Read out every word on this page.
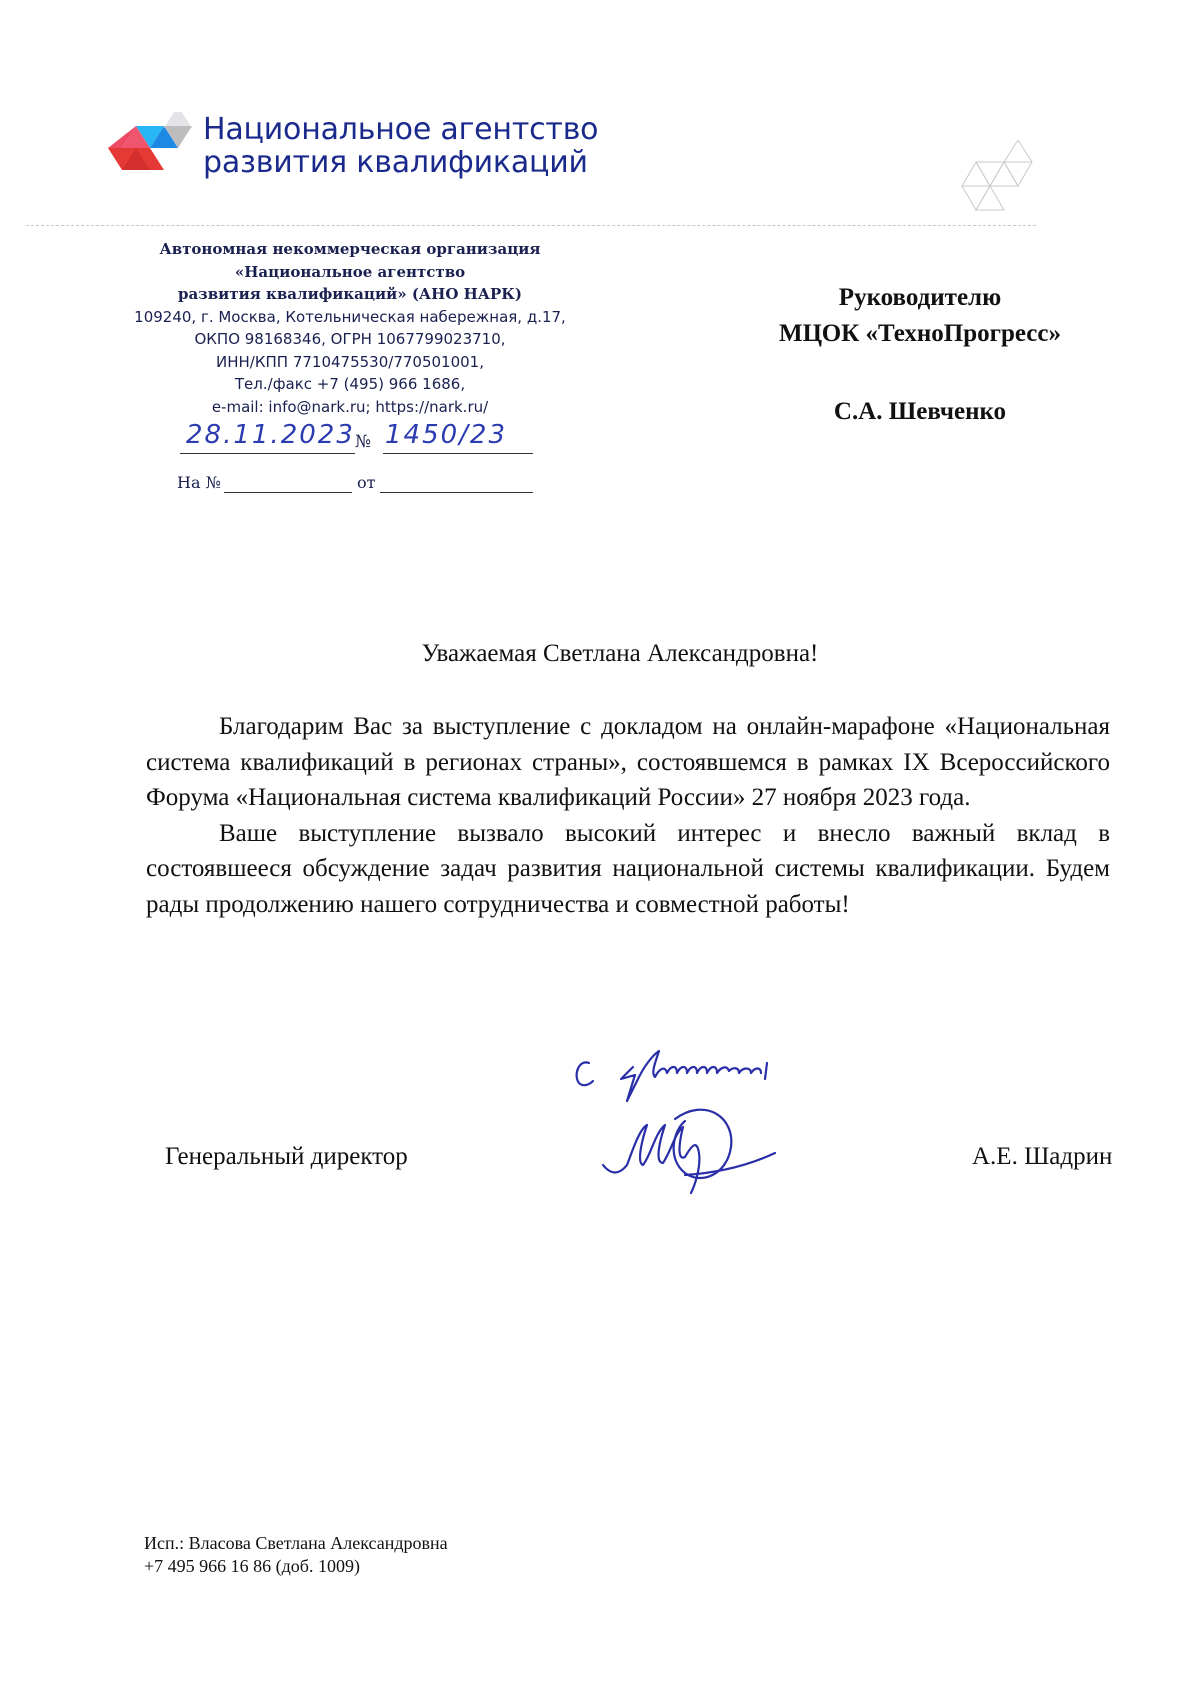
Национальное агентство
развития квалификаций
Автономная некоммерческая организация
«Национальное агентство
развития квалификаций» (АНО НАРК)
109240, г. Москва, Котельническая набережная, д.17,
ОКПО 98168346, ОГРН 1067799023710,
ИНН/КПП 7710475530/770501001,
Тел./факс +7 (495) 966 1686,
e-mail: info@nark.ru; https://nark.ru/
28.11.2023 № 1450/23
На №	от
Руководителю
МЦОК «ТехноПрогресс»
С.А. Шевченко
Уважаемая Светлана Александровна!

Благодарим Вас за выступление с докладом на онлайн-марафоне «Национальная система квалификаций в регионах страны», состоявшемся в рамках IX Всероссийского Форума «Национальная система квалификаций России» 27 ноября 2023 года.

Ваше выступление вызвало высокий интерес и внесло важный вклад в состоявшееся обсуждение задач развития национальной системы квалификации. Будем рады продолжению нашего сотрудничества и совместной работы!

Генеральный директор	А.Е. Шадрин
Исп.: Власова Светлана Александровна
+7 495 966 16 86 (доб. 1009)
